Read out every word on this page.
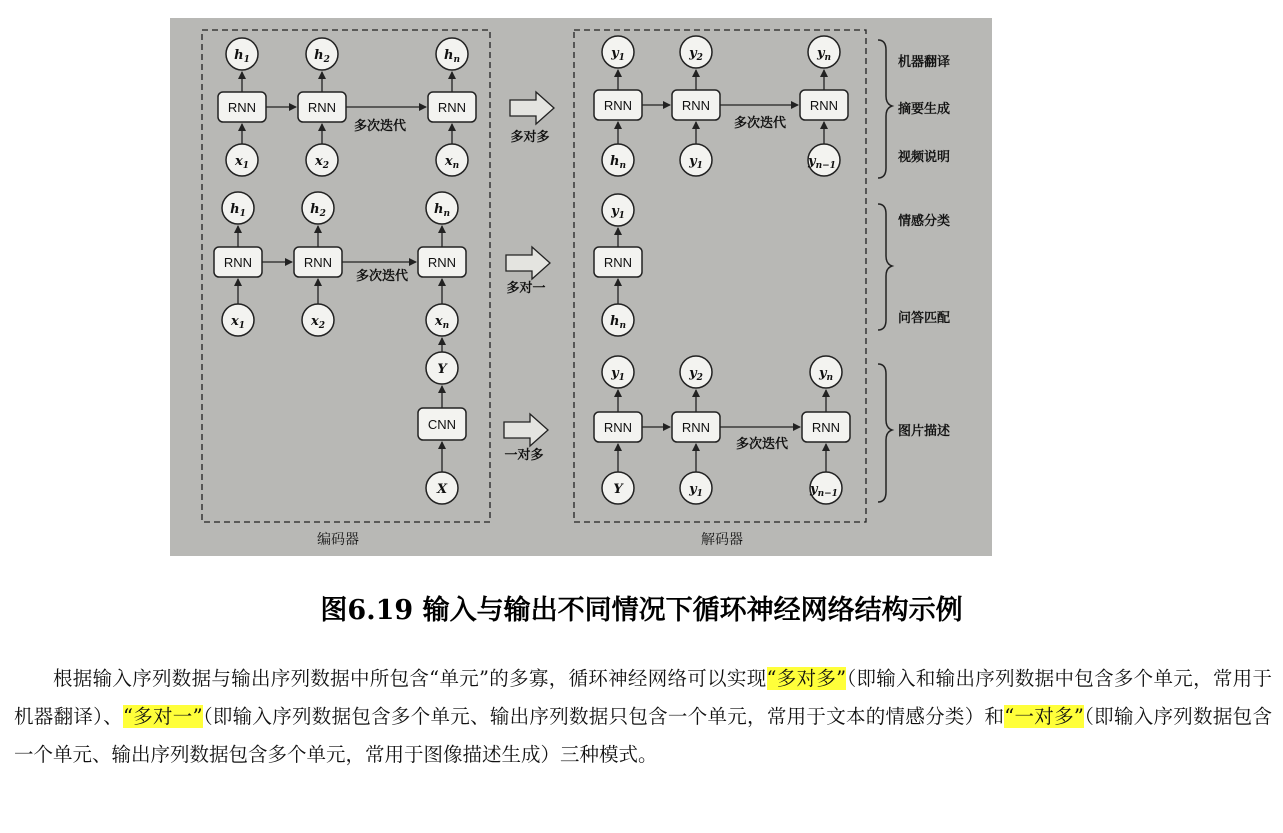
编码器	解码器
$h_1$	$h_2$	$h_n$
RNN	RNN	RNN
$x_1$	$x_2$	$x_n$
多次迭代
多对多
$y_1$	$y_2$	$y_n$
RNN	RNN	RNN
$h_n$	$y_1$	$y_{n-1}$
多次迭代
$h_1$	$h_2$	$h_n$
RNN	RNN	RNN
$x_1$	$x_2$	$x_n$
多次迭代
多对一
$y_1$
RNN
$h_n$
Y
CNN
X
一对多
$y_1$	$y_2$	$y_n$
RNN	RNN	RNN
Y	$y_1$	$y_{n-1}$
多次迭代
机器翻译
摘要生成
视频说明
情感分类
问答匹配
图片描述
图6.19 输入与输出不同情况下循环神经网络结构示例
根据输入序列数据与输出序列数据中所包含“单元”的多寡，循环神经网络可以实现“多对多”（即输入和输出序列数据中包含多个单元，常用于机器翻译）、“多对一”（即输入序列数据包含多个单元、输出序列数据只包含一个单元，常用于文本的情感分类）和“一对多”（即输入序列数据包含一个单元、输出序列数据包含多个单元，常用于图像描述生成）三种模式。
